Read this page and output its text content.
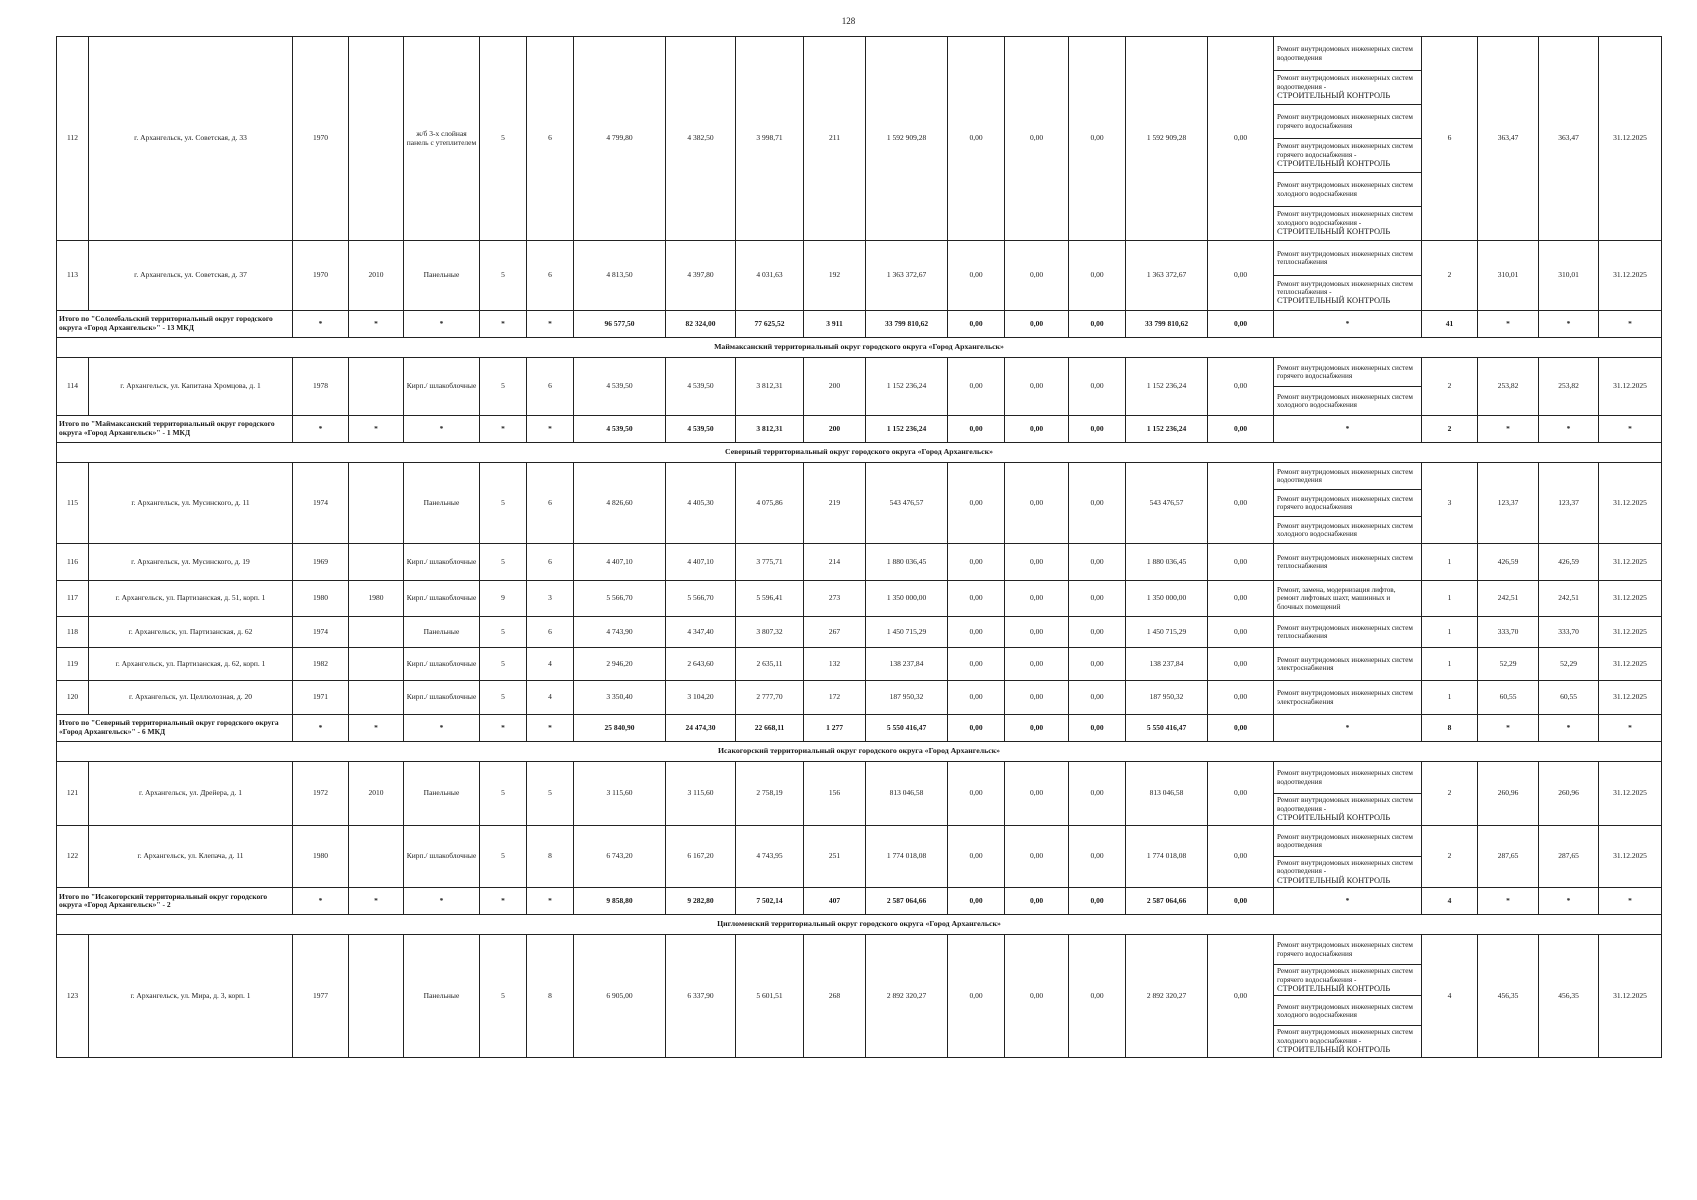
128
112	г. Архангельск, ул. Советская, д. 33	1970		ж/б 3-х слойная панель с утеплителем	5	6	4 799,80	4 382,50	3 998,71	211	1 592 909,28	0,00	0,00	0,00	1 592 909,28	0,00	Ремонт внутридомовых инженерных систем водоотведения	6	363,47	363,47	31.12.2025
																	Ремонт внутридомовых инженерных систем водоотведения -
СТРОИТЕЛЬНЫЙ КОНТРОЛЬ				
																	Ремонт внутридомовых инженерных систем горячего водоснабжения				
																	Ремонт внутридомовых инженерных систем горячего водоснабжения -
СТРОИТЕЛЬНЫЙ КОНТРОЛЬ				
																	Ремонт внутридомовых инженерных систем холодного водоснабжения				
																	Ремонт внутридомовых инженерных систем холодного водоснабжения -
СТРОИТЕЛЬНЫЙ КОНТРОЛЬ				
113	г. Архангельск, ул. Советская, д. 37	1970	2010	Панельные	5	6	4 813,50	4 397,80	4 031,63	192	1 363 372,67	0,00	0,00	0,00	1 363 372,67	0,00	Ремонт внутридомовых инженерных систем теплоснабжения	2	310,01	310,01	31.12.2025
																	Ремонт внутридомовых инженерных систем теплоснабжения -
СТРОИТЕЛЬНЫЙ КОНТРОЛЬ				
Итого по "Соломбальский территориальный округ городского округа «Город Архангельск»" - 13 МКД		*	*	*	*	*	96 577,50	82 324,00	77 625,52	3 911	33 799 810,62	0,00	0,00	0,00	33 799 810,62	0,00	*	41	*	*	*
Маймаксанский территориальный округ городского округа «Город Архангельск»																					
114	г. Архангельск, ул. Капитана Хромцова, д. 1	1978		Кирп./ шлакоблочные	5	6	4 539,50	4 539,50	3 812,31	200	1 152 236,24	0,00	0,00	0,00	1 152 236,24	0,00	Ремонт внутридомовых инженерных систем горячего водоснабжения	2	253,82	253,82	31.12.2025
																	Ремонт внутридомовых инженерных систем холодного водоснабжения				
Итого по "Маймаксанский территориальный округ городского округа «Город Архангельск»" - 1 МКД		*	*	*	*	*	4 539,50	4 539,50	3 812,31	200	1 152 236,24	0,00	0,00	0,00	1 152 236,24	0,00	*	2	*	*	*
Северный территориальный округ городского округа «Город Архангельск»																					
115	г. Архангельск, ул. Мусинского, д. 11	1974		Панельные	5	6	4 826,60	4 405,30	4 075,86	219	543 476,57	0,00	0,00	0,00	543 476,57	0,00	Ремонт внутридомовых инженерных систем водоотведения	3	123,37	123,37	31.12.2025
																	Ремонт внутридомовых инженерных систем горячего водоснабжения				
																	Ремонт внутридомовых инженерных систем холодного водоснабжения				
116	г. Архангельск, ул. Мусинского, д. 19	1969		Кирп./ шлакоблочные	5	6	4 407,10	4 407,10	3 775,71	214	1 880 036,45	0,00	0,00	0,00	1 880 036,45	0,00	Ремонт внутридомовых инженерных систем теплоснабжения	1	426,59	426,59	31.12.2025
117	г. Архангельск, ул. Партизанская, д. 51, корп. 1	1980	1980	Кирп./ шлакоблочные	9	3	5 566,70	5 566,70	5 596,41	273	1 350 000,00	0,00	0,00	0,00	1 350 000,00	0,00	Ремонт, замена, модернизация лифтов, ремонт лифтовых шахт, машинных и блочных помещений	1	242,51	242,51	31.12.2025
118	г. Архангельск, ул. Партизанская, д. 62	1974		Панельные	5	6	4 743,90	4 347,40	3 807,32	267	1 450 715,29	0,00	0,00	0,00	1 450 715,29	0,00	Ремонт внутридомовых инженерных систем теплоснабжения	1	333,70	333,70	31.12.2025
119	г. Архангельск, ул. Партизанская, д. 62, корп. 1	1982		Кирп./ шлакоблочные	5	4	2 946,20	2 643,60	2 635,11	132	138 237,84	0,00	0,00	0,00	138 237,84	0,00	Ремонт внутридомовых инженерных систем электроснабжения	1	52,29	52,29	31.12.2025
120	г. Архангельск, ул. Целлюлозная, д. 20	1971		Кирп./ шлакоблочные	5	4	3 350,40	3 104,20	2 777,70	172	187 950,32	0,00	0,00	0,00	187 950,32	0,00	Ремонт внутридомовых инженерных систем электроснабжения	1	60,55	60,55	31.12.2025
Итого по "Северный территориальный округ городского округа «Город Архангельск»" - 6 МКД		*	*	*	*	*	25 840,90	24 474,30	22 668,11	1 277	5 550 416,47	0,00	0,00	0,00	5 550 416,47	0,00	*	8	*	*	*
Исакогорский территориальный округ городского округа «Город Архангельск»																					
121	г. Архангельск, ул. Дрейера, д. 1	1972	2010	Панельные	5	5	3 115,60	3 115,60	2 758,19	156	813 046,58	0,00	0,00	0,00	813 046,58	0,00	Ремонт внутридомовых инженерных систем водоотведения	2	260,96	260,96	31.12.2025
																	Ремонт внутридомовых инженерных систем водоотведения -
СТРОИТЕЛЬНЫЙ КОНТРОЛЬ				
122	г. Архангельск, ул. Клепача, д. 11	1980		Кирп./ шлакоблочные	5	8	6 743,20	6 167,20	4 743,95	251	1 774 018,08	0,00	0,00	0,00	1 774 018,08	0,00	Ремонт внутридомовых инженерных систем водоотведения	2	287,65	287,65	31.12.2025
																	Ремонт внутридомовых инженерных систем водоотведения -
СТРОИТЕЛЬНЫЙ КОНТРОЛЬ				
Итого по "Исакогорский территориальный округ городского округа «Город Архангельск»" - 2		*	*	*	*	*	9 858,80	9 282,80	7 502,14	407	2 587 064,66	0,00	0,00	0,00	2 587 064,66	0,00	*	4	*	*	*
Цигломенский территориальный округ городского округа «Город Архангельск»																					
123	г. Архангельск, ул. Мира, д. 3, корп. 1	1977		Панельные	5	8	6 905,00	6 337,90	5 601,51	268	2 892 320,27	0,00	0,00	0,00	2 892 320,27	0,00	Ремонт внутридомовых инженерных систем горячего водоснабжения	4	456,35	456,35	31.12.2025
																	Ремонт внутридомовых инженерных систем горячего водоснабжения -
СТРОИТЕЛЬНЫЙ КОНТРОЛЬ				
																	Ремонт внутридомовых инженерных систем холодного водоснабжения				
																	Ремонт внутридомовых инженерных систем холодного водоснабжения -
СТРОИТЕЛЬНЫЙ КОНТРОЛЬ				
